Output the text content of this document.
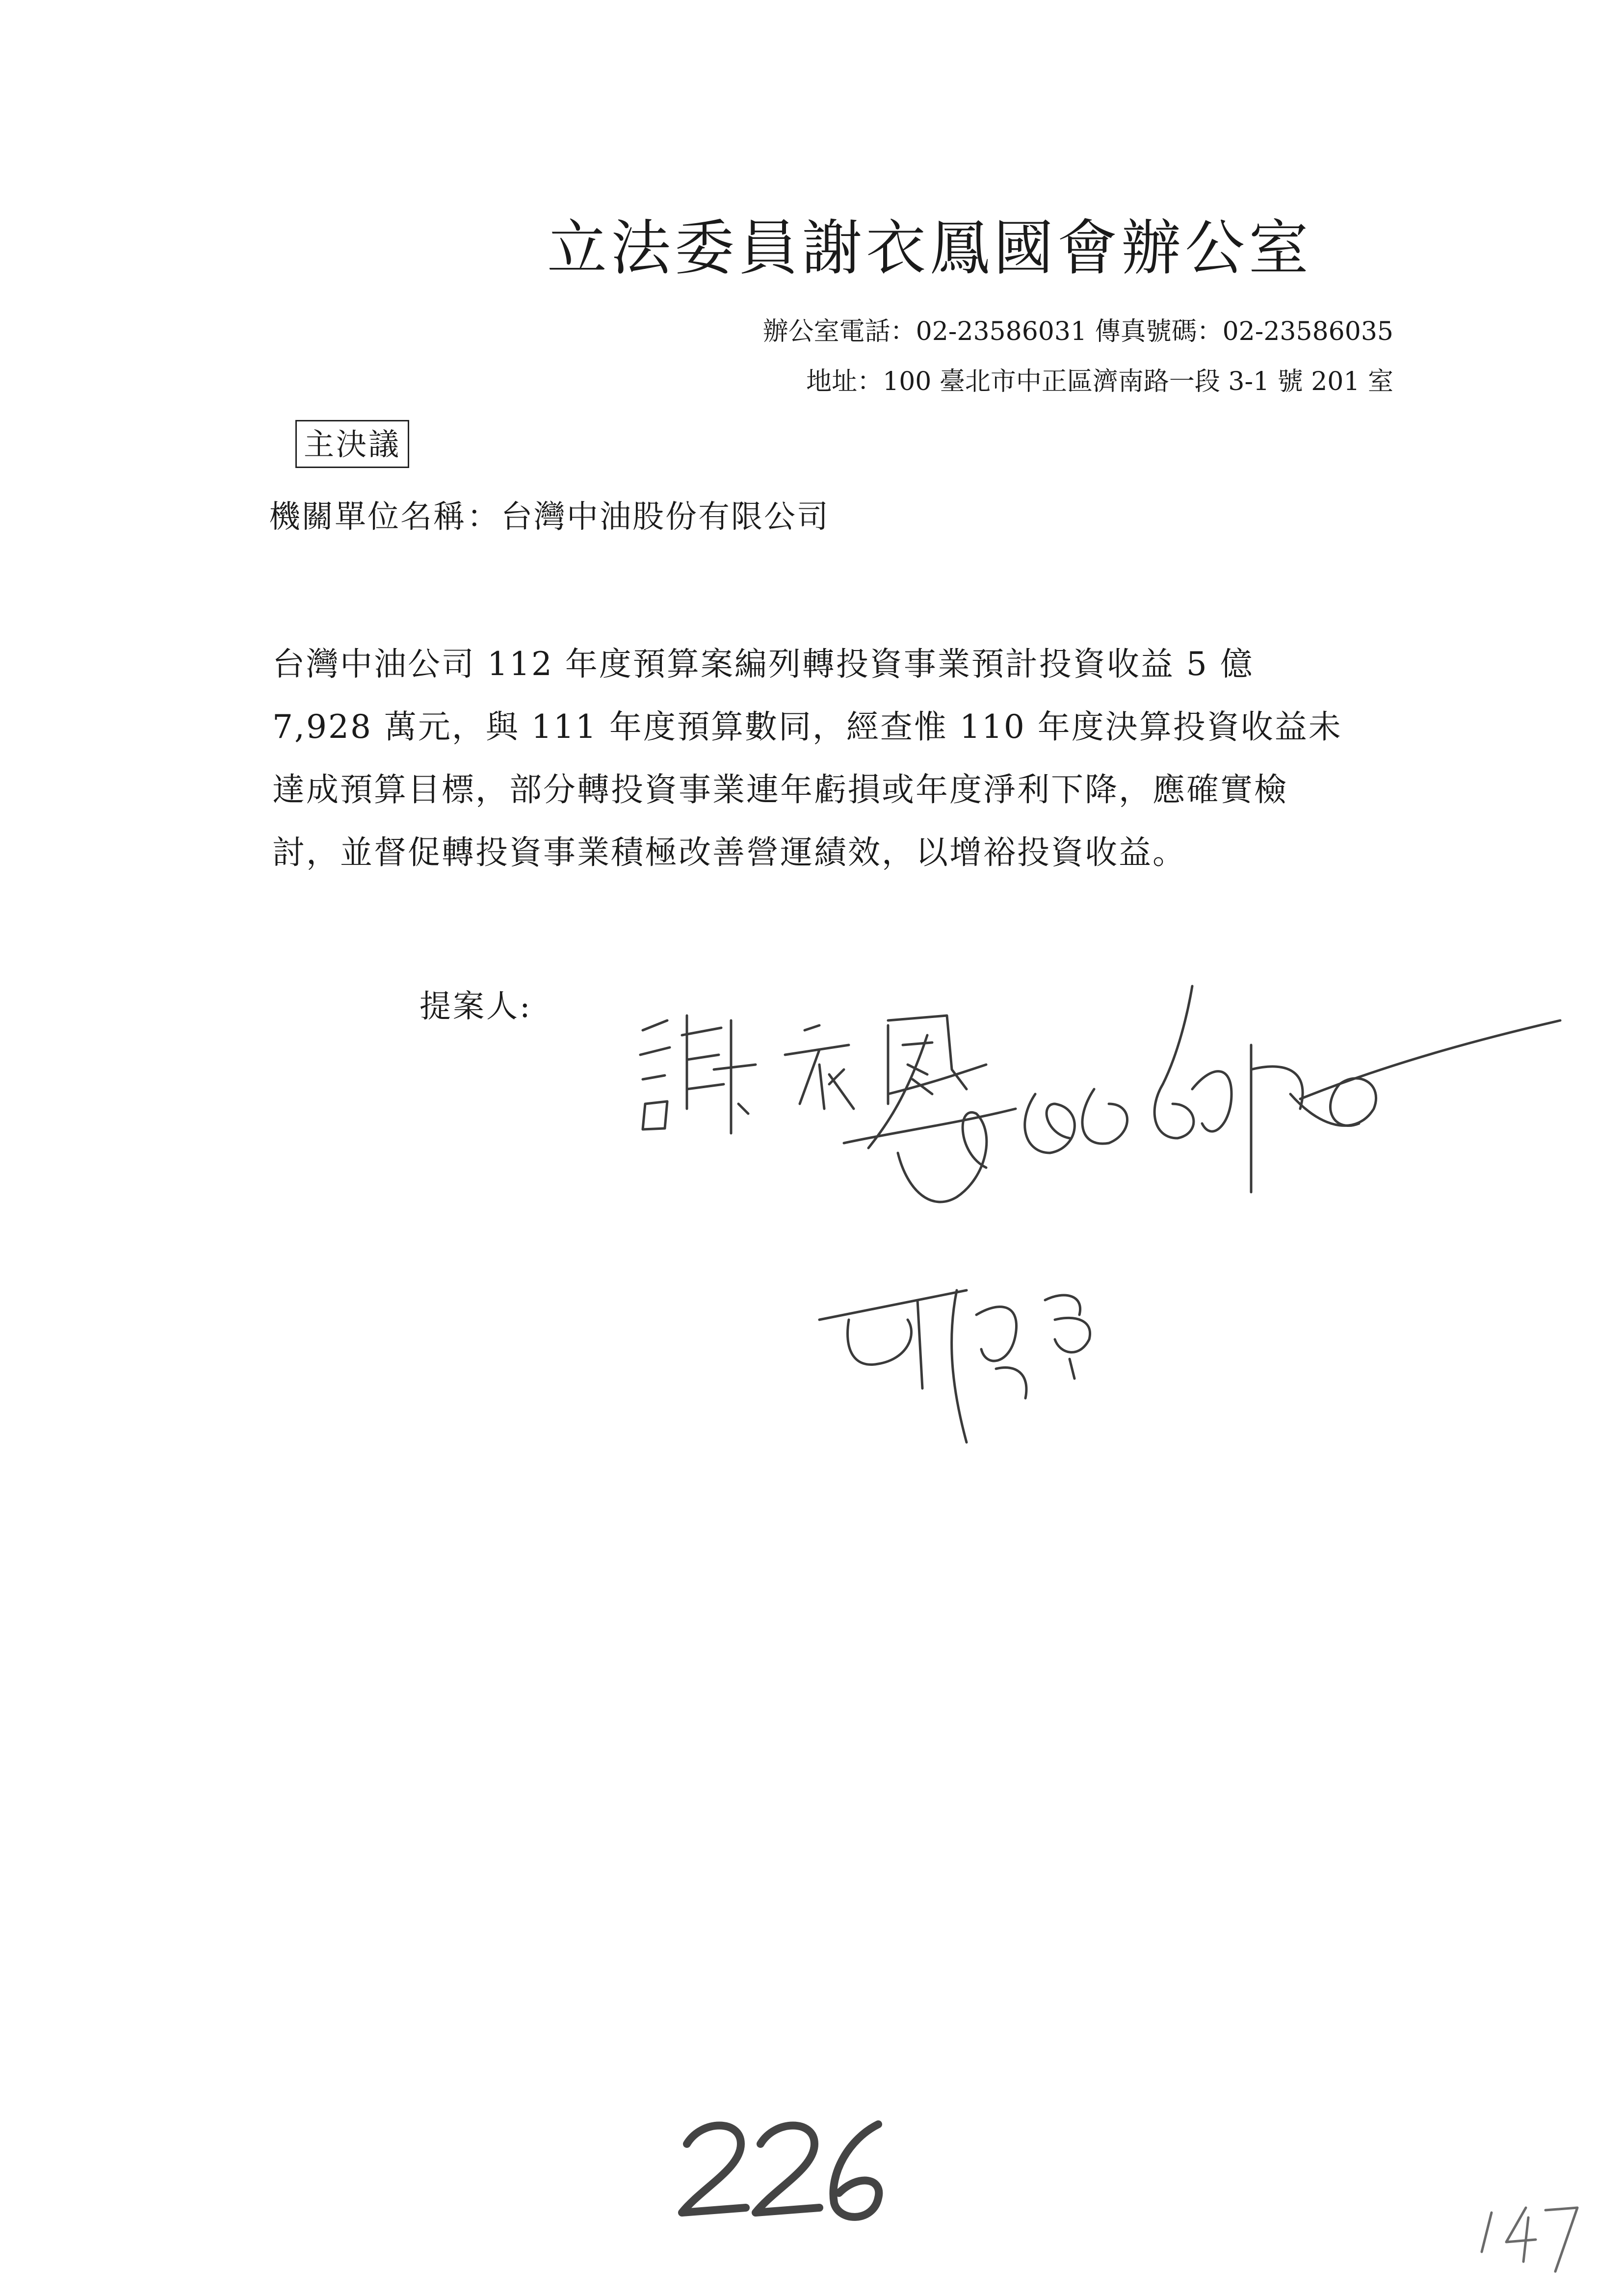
立法委員謝衣鳳國會辦公室
辦公室電話：02-23586031 傳真號碼：02-23586035
地址：100 臺北市中正區濟南路一段 3-1 號 201 室
主決議
機關單位名稱：台灣中油股份有限公司
台灣中油公司 112 年度預算案編列轉投資事業預計投資收益 5 億
7,928 萬元，與 111 年度預算數同，經查惟 110 年度決算投資收益未
達成預算目標，部分轉投資事業連年虧損或年度淨利下降，應確實檢
討，並督促轉投資事業積極改善營運績效，以增裕投資收益。
提案人:
